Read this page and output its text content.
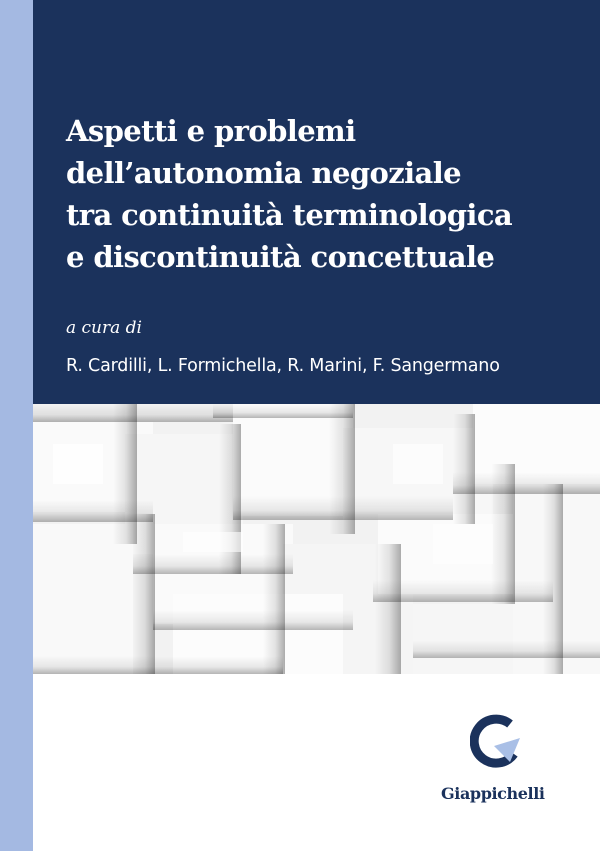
Aspetti e problemi
dell’autonomia negoziale
tra continuità terminologica
e discontinuità concettuale
a cura di
R. Cardilli, L. Formichella, R. Marini, F. Sangermano
Giappichelli
